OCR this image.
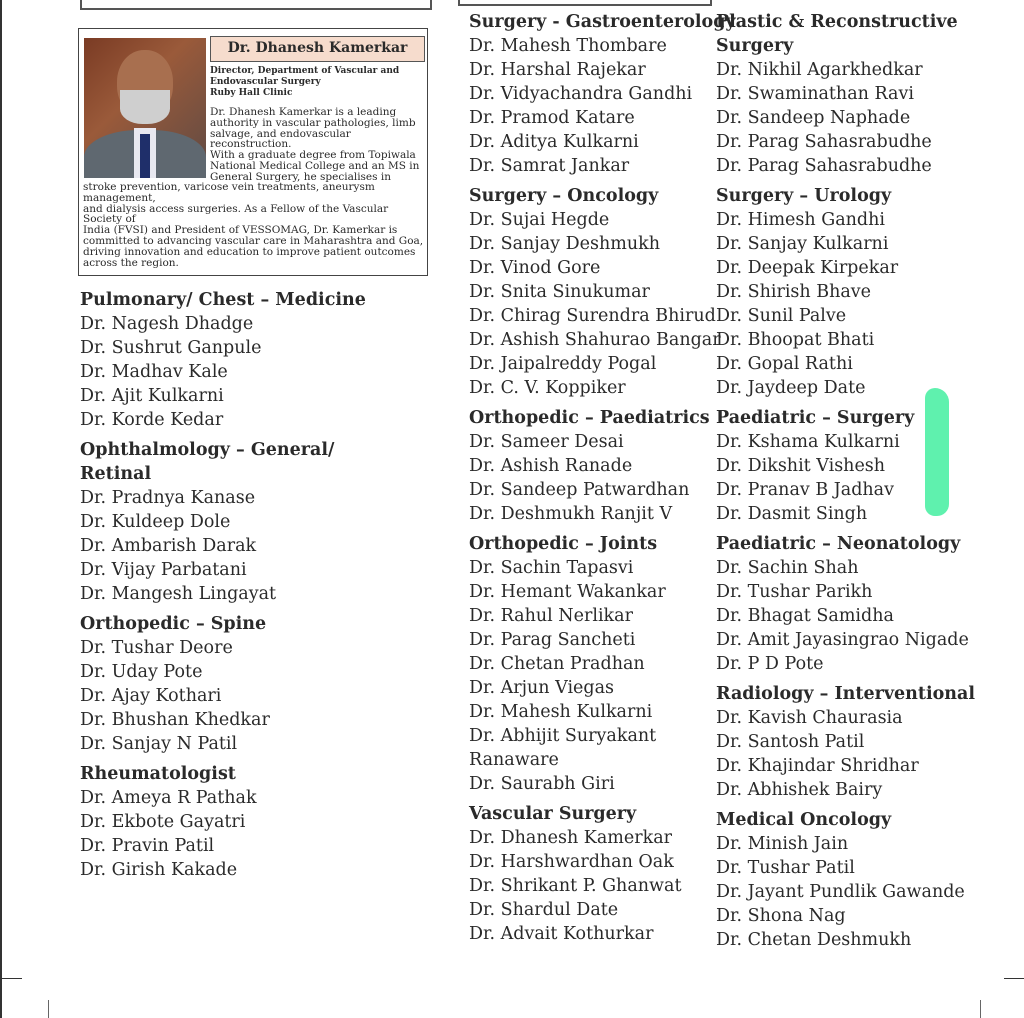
Dr. Dhanesh Kamerkar
Director, Department of Vascular and
Endovascular Surgery
Ruby Hall Clinic
Dr. Dhanesh Kamerkar is a leading
authority in vascular pathologies, limb
salvage, and endovascular reconstruction.
With a graduate degree from Topiwala
National Medical College and an MS in
General Surgery, he specialises in
stroke prevention, varicose vein treatments, aneurysm management,
and dialysis access surgeries. As a Fellow of the Vascular Society of
India (FVSI) and President of VESSOMAG, Dr. Kamerkar is
committed to advancing vascular care in Maharashtra and Goa,
driving innovation and education to improve patient outcomes
across the region.
Pulmonary/ Chest – Medicine
Dr. Nagesh Dhadge
Dr. Sushrut Ganpule
Dr. Madhav Kale
Dr. Ajit Kulkarni
Dr. Korde Kedar
Ophthalmology – General/
Retinal
Dr. Pradnya Kanase
Dr. Kuldeep Dole
Dr. Ambarish Darak
Dr. Vijay Parbatani
Dr. Mangesh Lingayat
Orthopedic – Spine
Dr. Tushar Deore
Dr. Uday Pote
Dr. Ajay Kothari
Dr. Bhushan Khedkar
Dr. Sanjay N Patil
Rheumatologist
Dr. Ameya R Pathak
Dr. Ekbote Gayatri
Dr. Pravin Patil
Dr. Girish Kakade
Surgery - Gastroenterology
Dr. Mahesh Thombare
Dr. Harshal Rajekar
Dr. Vidyachandra Gandhi
Dr. Pramod Katare
Dr. Aditya Kulkarni
Dr. Samrat Jankar
Surgery – Oncology
Dr. Sujai Hegde
Dr. Sanjay Deshmukh
Dr. Vinod Gore
Dr. Snita Sinukumar
Dr. Chirag Surendra Bhirud
Dr. Ashish Shahurao Bangar
Dr. Jaipalreddy Pogal
Dr. C. V. Koppiker
Orthopedic – Paediatrics
Dr. Sameer Desai
Dr. Ashish Ranade
Dr. Sandeep Patwardhan
Dr. Deshmukh Ranjit V
Orthopedic – Joints
Dr. Sachin Tapasvi
Dr. Hemant Wakankar
Dr. Rahul Nerlikar
Dr. Parag Sancheti
Dr. Chetan Pradhan
Dr. Arjun Viegas
Dr. Mahesh Kulkarni
Dr. Abhijit Suryakant
Ranaware
Dr. Saurabh Giri
Vascular Surgery
Dr. Dhanesh Kamerkar
Dr. Harshwardhan Oak
Dr. Shrikant P. Ghanwat
Dr. Shardul Date
Dr. Advait Kothurkar
Plastic & Reconstructive
Surgery
Dr. Nikhil Agarkhedkar
Dr. Swaminathan Ravi
Dr. Sandeep Naphade
Dr. Parag Sahasrabudhe
Dr. Parag Sahasrabudhe
Surgery – Urology
Dr. Himesh Gandhi
Dr. Sanjay Kulkarni
Dr. Deepak Kirpekar
Dr. Shirish Bhave
Dr. Sunil Palve
Dr. Bhoopat Bhati
Dr. Gopal Rathi
Dr. Jaydeep Date
Paediatric – Surgery
Dr. Kshama Kulkarni
Dr. Dikshit Vishesh
Dr. Pranav B Jadhav
Dr. Dasmit Singh
Paediatric – Neonatology
Dr. Sachin Shah
Dr. Tushar Parikh
Dr. Bhagat Samidha
Dr. Amit Jayasingrao Nigade
Dr. P D Pote
Radiology – Interventional
Dr. Kavish Chaurasia
Dr. Santosh Patil
Dr. Khajindar Shridhar
Dr. Abhishek Bairy
Medical Oncology
Dr. Minish Jain
Dr. Tushar Patil
Dr. Jayant Pundlik Gawande
Dr. Shona Nag
Dr. Chetan Deshmukh
